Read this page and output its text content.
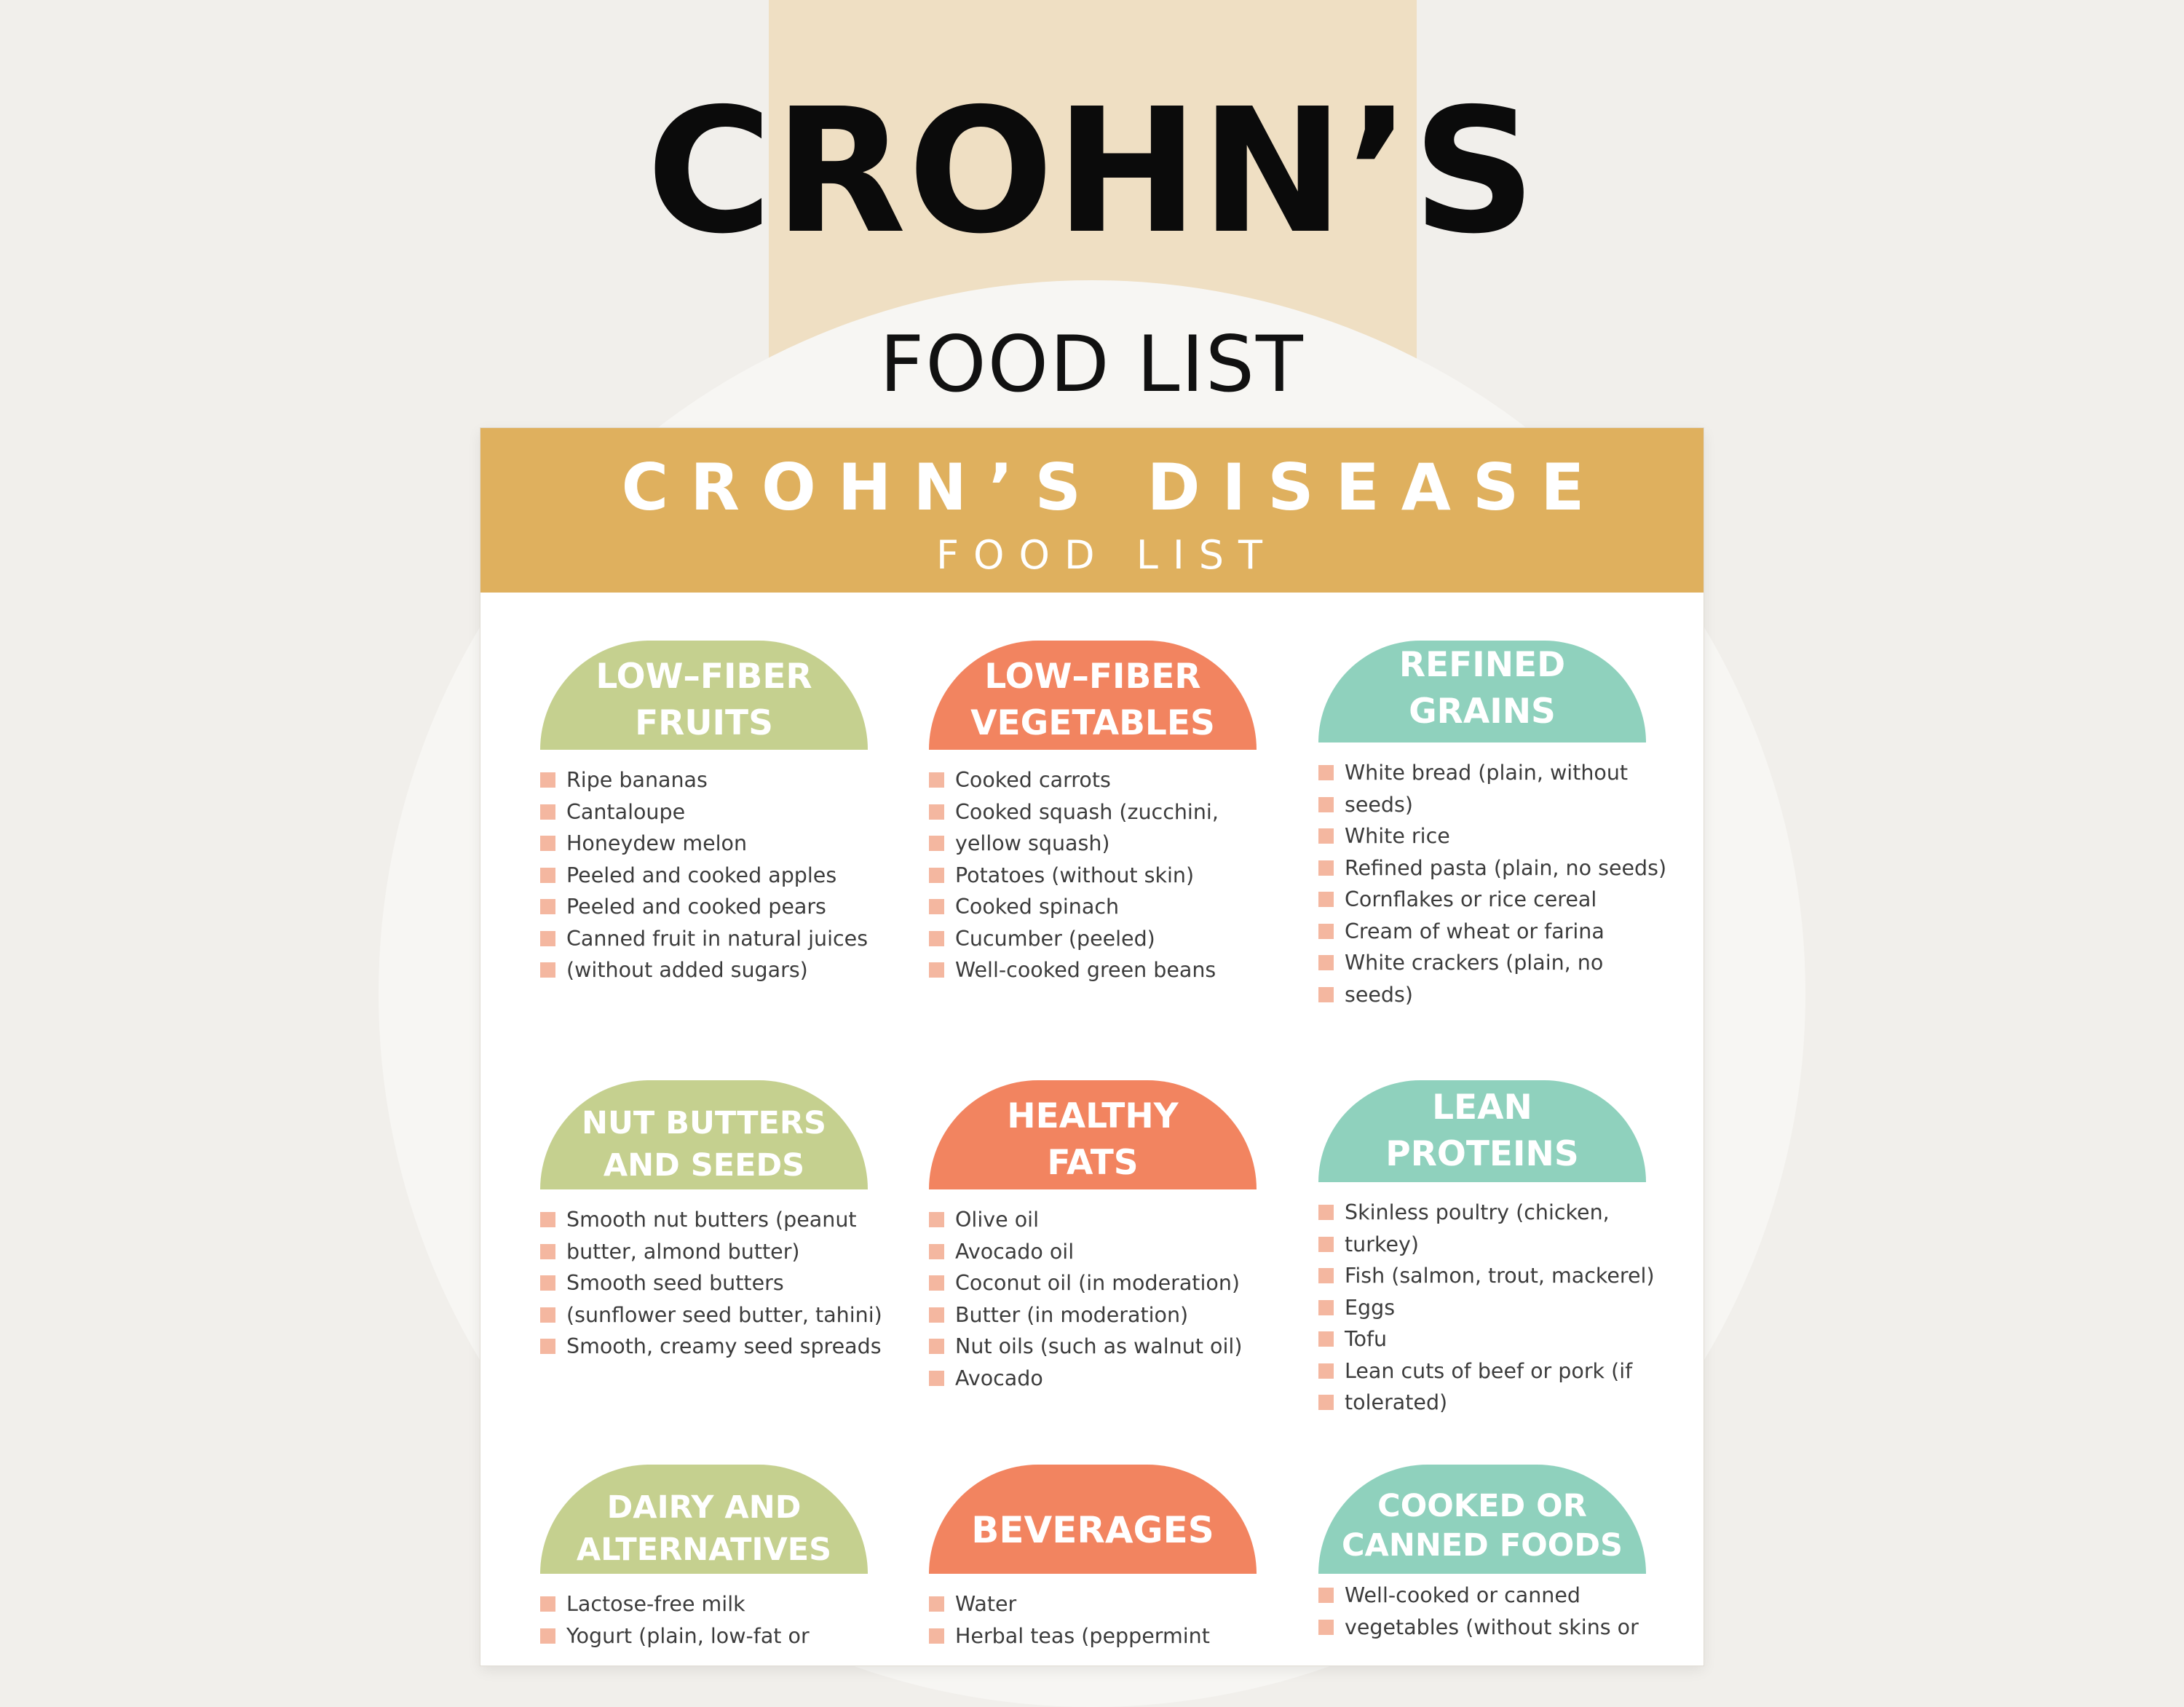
CROHN’S
FOOD LIST
CROHN’S DISEASE
FOOD LIST
LOW–FIBER
FRUITS
Ripe bananas
Cantaloupe
Honeydew melon
Peeled and cooked apples
Peeled and cooked pears
Canned fruit in natural juices
(without added sugars)
LOW–FIBER
VEGETABLES
Cooked carrots
Cooked squash (zucchini,
yellow squash)
Potatoes (without skin)
Cooked spinach
Cucumber (peeled)
Well-cooked green beans
REFINED
GRAINS
White bread (plain, without
seeds)
White rice
Refined pasta (plain, no seeds)
Cornflakes or rice cereal
Cream of wheat or farina
White crackers (plain, no
seeds)
NUT BUTTERS
AND SEEDS
Smooth nut butters (peanut
butter, almond butter)
Smooth seed butters
(sunflower seed butter, tahini)
Smooth, creamy seed spreads
HEALTHY
FATS
Olive oil
Avocado oil
Coconut oil (in moderation)
Butter (in moderation)
Nut oils (such as walnut oil)
Avocado
LEAN
PROTEINS
Skinless poultry (chicken,
turkey)
Fish (salmon, trout, mackerel)
Eggs
Tofu
Lean cuts of beef or pork (if
tolerated)
DAIRY AND
ALTERNATIVES
Lactose-free milk
Yogurt (plain, low-fat or
BEVERAGES
Water
Herbal teas (peppermint
COOKED OR
CANNED FOODS
Well-cooked or canned
vegetables (without skins or
